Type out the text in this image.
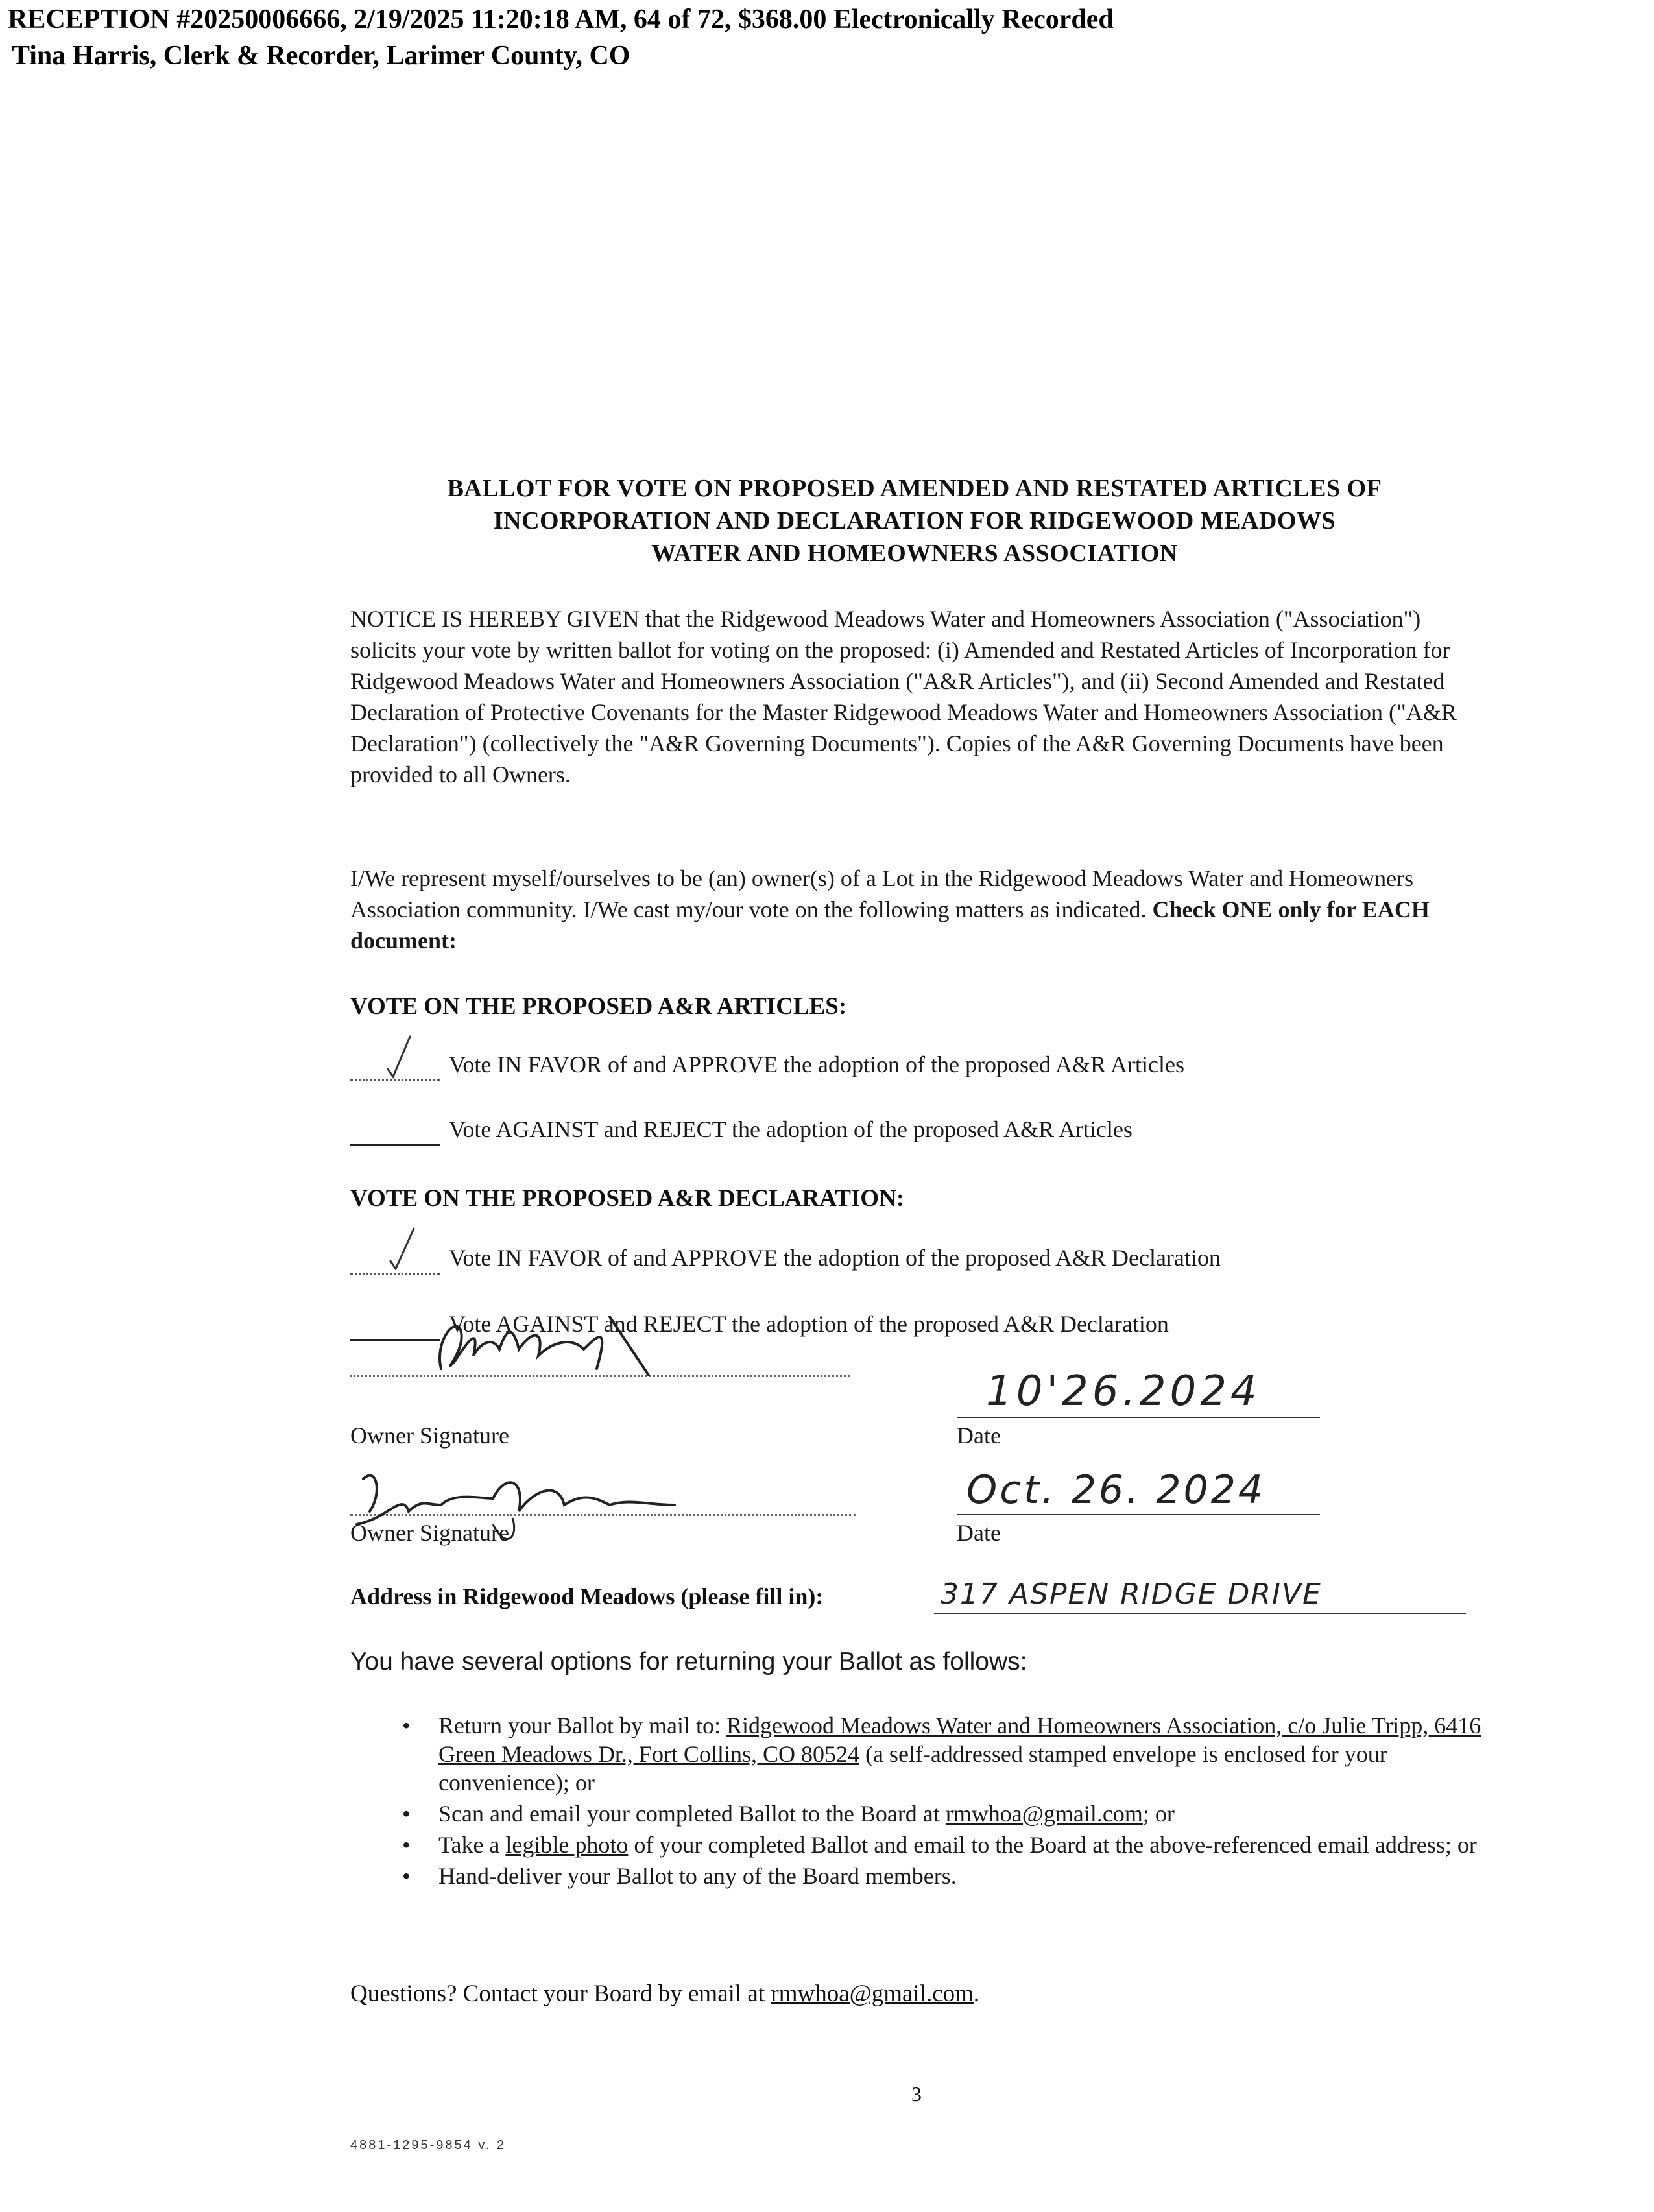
RECEPTION #20250006666, 2/19/2025 11:20:18 AM, 64 of 72, $368.00 Electronically Recorded
Tina Harris, Clerk & Recorder, Larimer County, CO
BALLOT FOR VOTE ON PROPOSED AMENDED AND RESTATED ARTICLES OF
INCORPORATION AND DECLARATION FOR RIDGEWOOD MEADOWS
WATER AND HOMEOWNERS ASSOCIATION
NOTICE IS HEREBY GIVEN that the Ridgewood Meadows Water and Homeowners Association ("Association") solicits your vote by written ballot for voting on the proposed: (i) Amended and Restated Articles of Incorporation for Ridgewood Meadows Water and Homeowners Association ("A&R Articles"), and (ii) Second Amended and Restated Declaration of Protective Covenants for the Master Ridgewood Meadows Water and Homeowners Association ("A&R Declaration") (collectively the "A&R Governing Documents"). Copies of the A&R Governing Documents have been provided to all Owners.
I/We represent myself/ourselves to be (an) owner(s) of a Lot in the Ridgewood Meadows Water and Homeowners Association community. I/We cast my/our vote on the following matters as indicated. Check ONE only for EACH document:
VOTE ON THE PROPOSED A&R ARTICLES:
Vote IN FAVOR of and APPROVE the adoption of the proposed A&R Articles
Vote AGAINST and REJECT the adoption of the proposed A&R Articles
VOTE ON THE PROPOSED A&R DECLARATION:
Vote IN FAVOR of and APPROVE the adoption of the proposed A&R Declaration
Vote AGAINST and REJECT the adoption of the proposed A&R Declaration
Owner Signature
10'26.2024
Date
Owner Signature
Oct. 26. 2024
Date
Address in Ridgewood Meadows (please fill in):	317 ASPEN RIDGE DRIVE
You have several options for returning your Ballot as follows:
• Return your Ballot by mail to: Ridgewood Meadows Water and Homeowners Association, c/o Julie Tripp, 6416 Green Meadows Dr., Fort Collins, CO 80524 (a self-addressed stamped envelope is enclosed for your convenience); or
• Scan and email your completed Ballot to the Board at rmwhoa@gmail.com; or
• Take a legible photo of your completed Ballot and email to the Board at the above-referenced email address; or
• Hand-deliver your Ballot to any of the Board members.
Questions? Contact your Board by email at rmwhoa@gmail.com.
3
4881-1295-9854 v. 2
